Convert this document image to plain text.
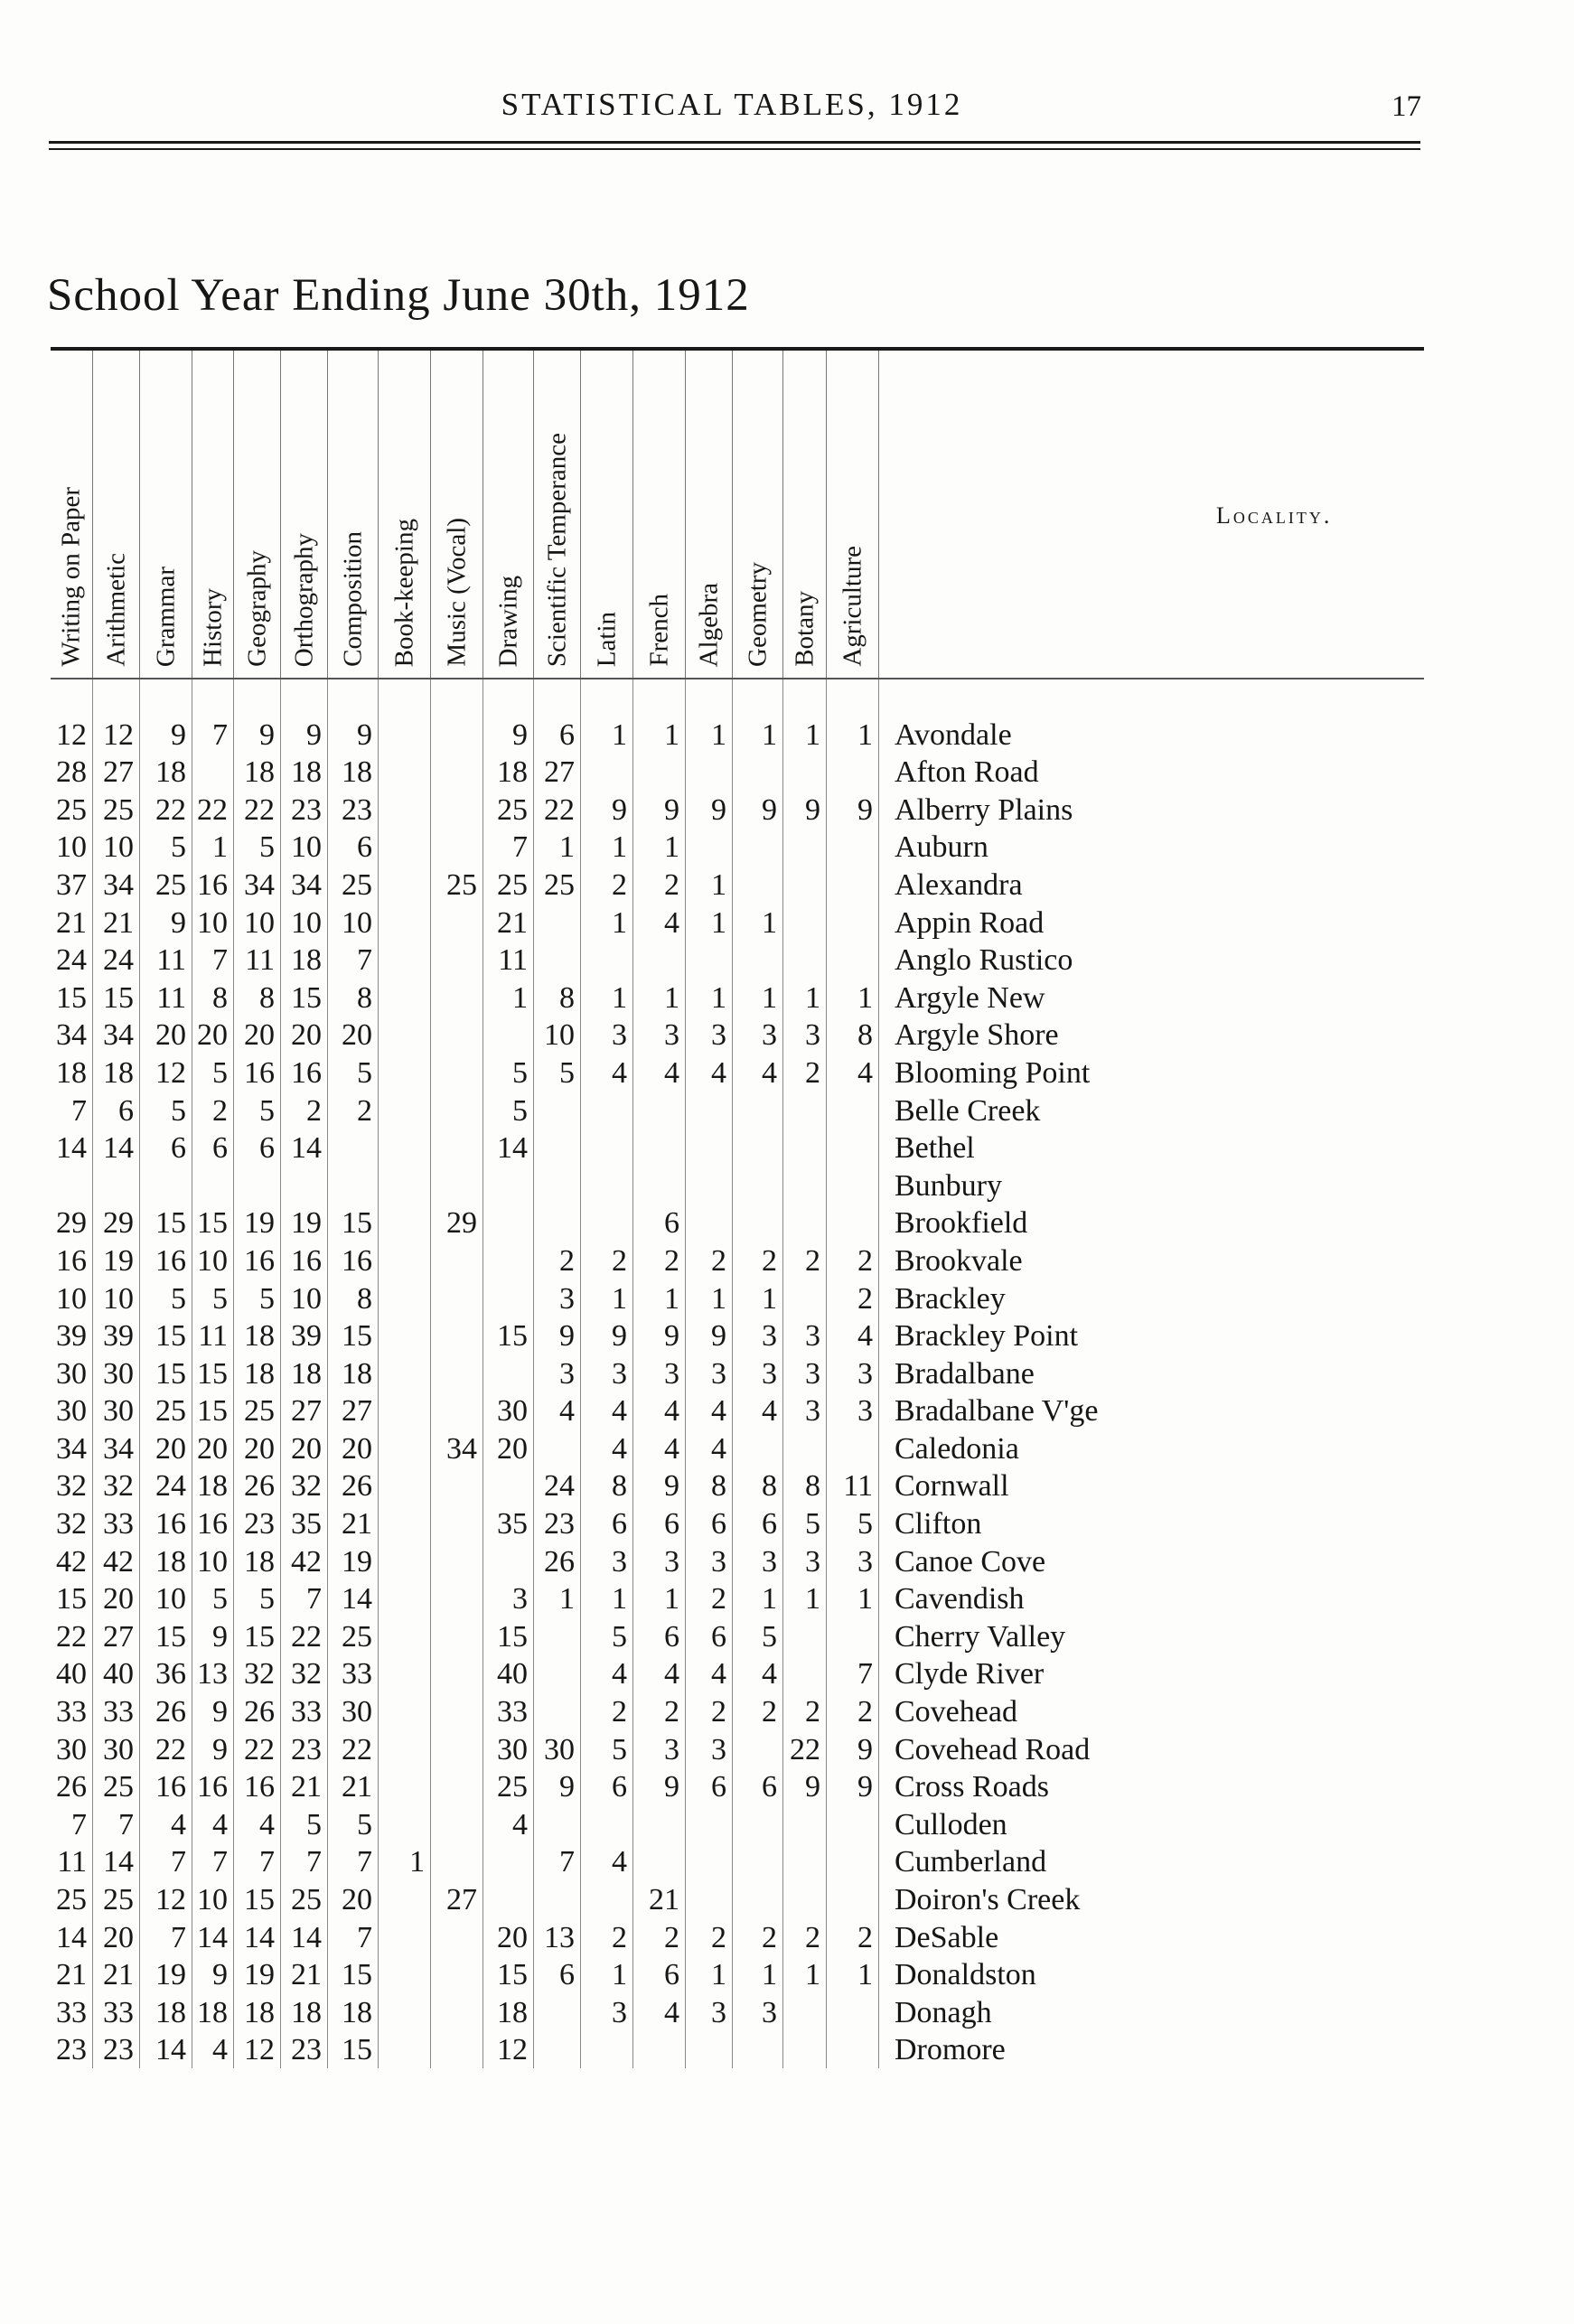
STATISTICAL TABLES, 1912	17
School Year Ending June 30th, 1912
Locality.
Writing on Paper Arithmetic Grammar History Geography Orthography Composition Book-keeping Music (Vocal) Drawing Scientific Temperance Latin French Algebra Geometry Botany Agriculture
12	12	9	7	9	9	9			9	6	1	1	1	1	1	1	Avondale
28	27	18		18	18	18			18	27							Afton Road
25	25	22	22	22	23	23			25	22	9	9	9	9	9	9	Alberry Plains
10	10	5	1	5	10	6			7	1	1	1					Auburn
37	34	25	16	34	34	25		25	25	25	2	2	1				Alexandra
21	21	9	10	10	10	10			21		1	4	1	1			Appin Road
24	24	11	7	11	18	7			11								Anglo Rustico
15	15	11	8	8	15	8			1	8	1	1	1	1	1	1	Argyle New
34	34	20	20	20	20	20				10	3	3	3	3	3	8	Argyle Shore
18	18	12	5	16	16	5			5	5	4	4	4	4	2	4	Blooming Point
7	6	5	2	5	2	2			5								Belle Creek
14	14	6	6	6	14				14								Bethel
																	Bunbury
29	29	15	15	19	19	15		29				6					Brookfield
16	19	16	10	16	16	16				2	2	2	2	2	2	2	Brookvale
10	10	5	5	5	10	8				3	1	1	1	1		2	Brackley
39	39	15	11	18	39	15			15	9	9	9	9	3	3	4	Brackley Point
30	30	15	15	18	18	18				3	3	3	3	3	3	3	Bradalbane
30	30	25	15	25	27	27			30	4	4	4	4	4	3	3	Bradalbane V'ge
34	34	20	20	20	20	20		34	20		4	4	4				Caledonia
32	32	24	18	26	32	26				24	8	9	8	8	8	11	Cornwall
32	33	16	16	23	35	21			35	23	6	6	6	6	5	5	Clifton
42	42	18	10	18	42	19				26	3	3	3	3	3	3	Canoe Cove
15	20	10	5	5	7	14			3	1	1	1	2	1	1	1	Cavendish
22	27	15	9	15	22	25			15		5	6	6	5			Cherry Valley
40	40	36	13	32	32	33			40		4	4	4	4		7	Clyde River
33	33	26	9	26	33	30			33		2	2	2	2	2	2	Covehead
30	30	22	9	22	23	22			30	30	5	3	3		22	9	Covehead Road
26	25	16	16	16	21	21			25	9	6	9	6	6	9	9	Cross Roads
7	7	4	4	4	5	5			4								Culloden
11	14	7	7	7	7	7	1			7	4						Cumberland
25	25	12	10	15	25	20		27				21					Doiron's Creek
14	20	7	14	14	14	7			20	13	2	2	2	2	2	2	DeSable
21	21	19	9	19	21	15			15	6	1	6	1	1	1	1	Donaldston
33	33	18	18	18	18	18			18		3	4	3	3			Donagh
23	23	14	4	12	23	15			12								Dromore
